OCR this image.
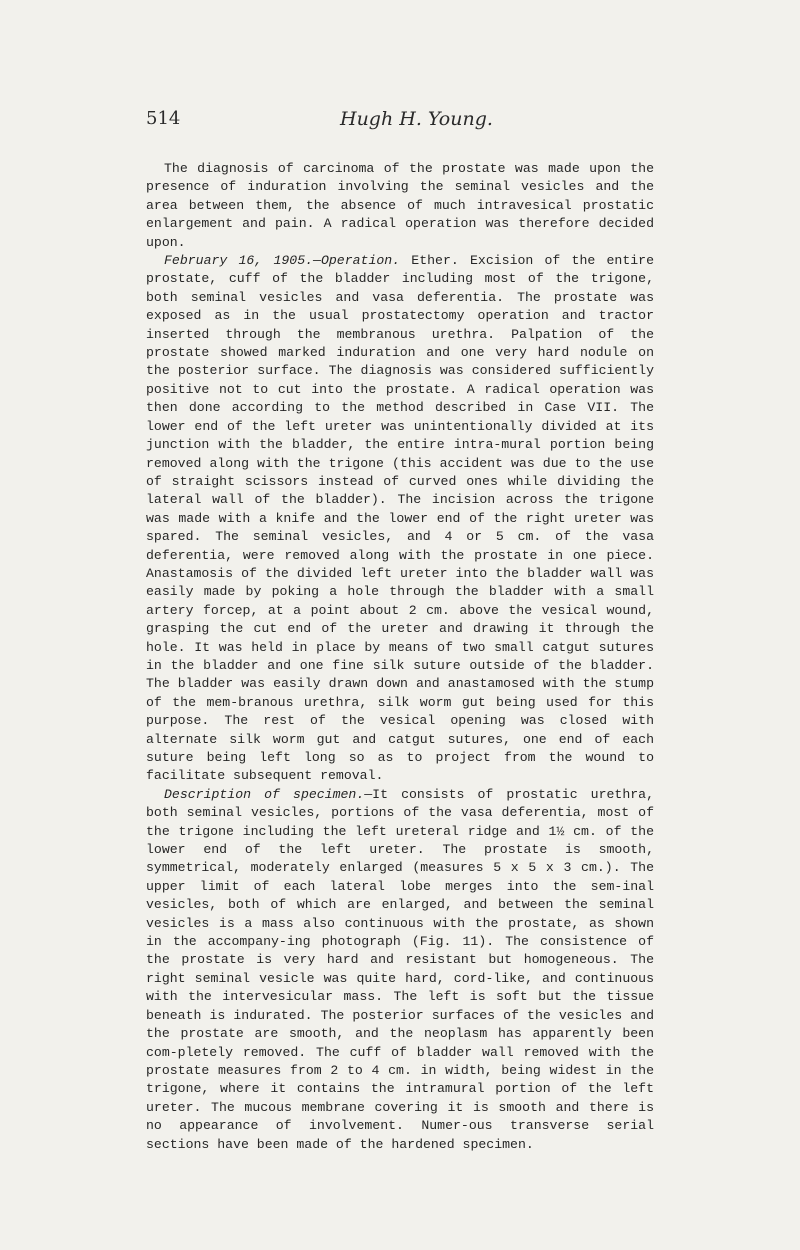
514	Hugh H. Young.

The diagnosis of carcinoma of the prostate was made upon the presence of induration involving the seminal vesicles and the area between them, the absence of much intravesical prostatic enlargement and pain. A radical operation was therefore decided upon.

February 16, 1905.—Operation. Ether. Excision of the entire prostate, cuff of the bladder including most of the trigone, both seminal vesicles and vasa deferentia. The prostate was exposed as in the usual prostatectomy operation and tractor inserted through the membranous urethra. Palpation of the prostate showed marked induration and one very hard nodule on the posterior surface. The diagnosis was considered sufficiently positive not to cut into the prostate. A radical operation was then done according to the method described in Case VII. The lower end of the left ureter was unintentionally divided at its junction with the bladder, the entire intra-mural portion being removed along with the trigone (this accident was due to the use of straight scissors instead of curved ones while dividing the lateral wall of the bladder). The incision across the trigone was made with a knife and the lower end of the right ureter was spared. The seminal vesicles, and 4 or 5 cm. of the vasa deferentia, were removed along with the prostate in one piece. Anastamosis of the divided left ureter into the bladder wall was easily made by poking a hole through the bladder with a small artery forcep, at a point about 2 cm. above the vesical wound, grasping the cut end of the ureter and drawing it through the hole. It was held in place by means of two small catgut sutures in the bladder and one fine silk suture outside of the bladder. The bladder was easily drawn down and anastamosed with the stump of the mem-branous urethra, silk worm gut being used for this purpose. The rest of the vesical opening was closed with alternate silk worm gut and catgut sutures, one end of each suture being left long so as to project from the wound to facilitate subsequent removal.

Description of specimen.—It consists of prostatic urethra, both seminal vesicles, portions of the vasa deferentia, most of the trigone including the left ureteral ridge and 1½ cm. of the lower end of the left ureter. The prostate is smooth, symmetrical, moderately enlarged (measures 5 x 5 x 3 cm.). The upper limit of each lateral lobe merges into the sem-inal vesicles, both of which are enlarged, and between the seminal vesicles is a mass also continuous with the prostate, as shown in the accompany-ing photograph (Fig. 11). The consistence of the prostate is very hard and resistant but homogeneous. The right seminal vesicle was quite hard, cord-like, and continuous with the intervesicular mass. The left is soft but the tissue beneath is indurated. The posterior surfaces of the vesicles and the prostate are smooth, and the neoplasm has apparently been com-pletely removed. The cuff of bladder wall removed with the prostate measures from 2 to 4 cm. in width, being widest in the trigone, where it contains the intramural portion of the left ureter. The mucous membrane covering it is smooth and there is no appearance of involvement. Numer-ous transverse serial sections have been made of the hardened specimen.
